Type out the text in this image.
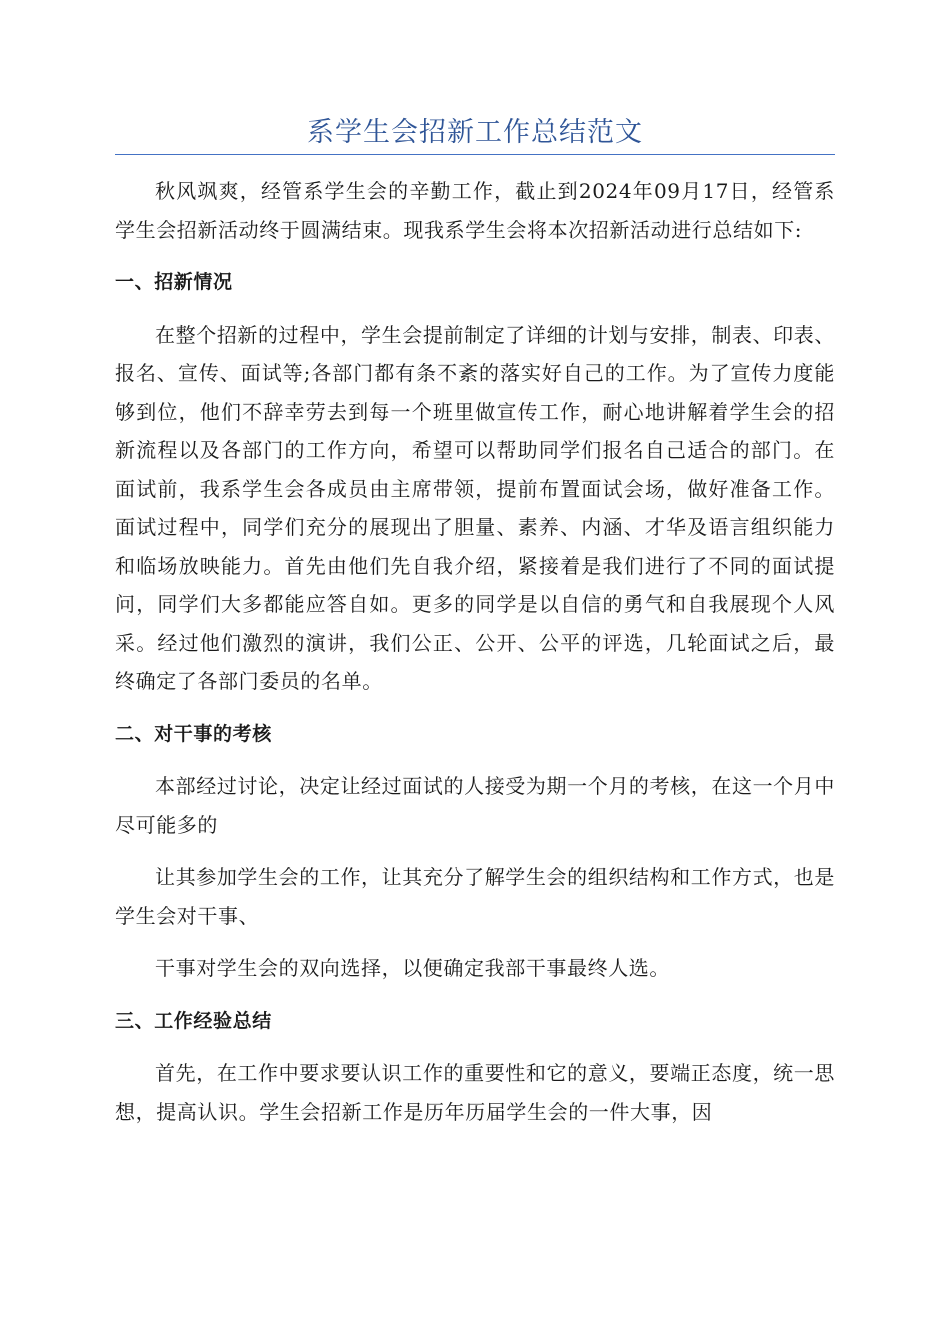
系学生会招新工作总结范文

秋风飒爽，经管系学生会的辛勤工作，截止到2024年09月17日，经管系学生会招新活动终于圆满结束。现我系学生会将本次招新活动进行总结如下:

一、招新情况

在整个招新的过程中，学生会提前制定了详细的计划与安排，制表、印表、报名、宣传、面试等;各部门都有条不紊的落实好自己的工作。为了宣传力度能够到位，他们不辞幸劳去到每一个班里做宣传工作，耐心地讲解着学生会的招新流程以及各部门的工作方向，希望可以帮助同学们报名自己适合的部门。在面试前，我系学生会各成员由主席带领，提前布置面试会场，做好准备工作。面试过程中，同学们充分的展现出了胆量、素养、内涵、才华及语言组织能力和临场放映能力。首先由他们先自我介绍，紧接着是我们进行了不同的面试提问，同学们大多都能应答自如。更多的同学是以自信的勇气和自我展现个人风采。经过他们激烈的演讲，我们公正、公开、公平的评选，几轮面试之后，最终确定了各部门委员的名单。

二、对干事的考核

本部经过讨论，决定让经过面试的人接受为期一个月的考核，在这一个月中尽可能多的

让其参加学生会的工作，让其充分了解学生会的组织结构和工作方式，也是学生会对干事、

干事对学生会的双向选择，以便确定我部干事最终人选。

三、工作经验总结

首先，在工作中要求要认识工作的重要性和它的意义，要端正态度，统一思想，提高认识。学生会招新工作是历年历届学生会的一件大事，因
